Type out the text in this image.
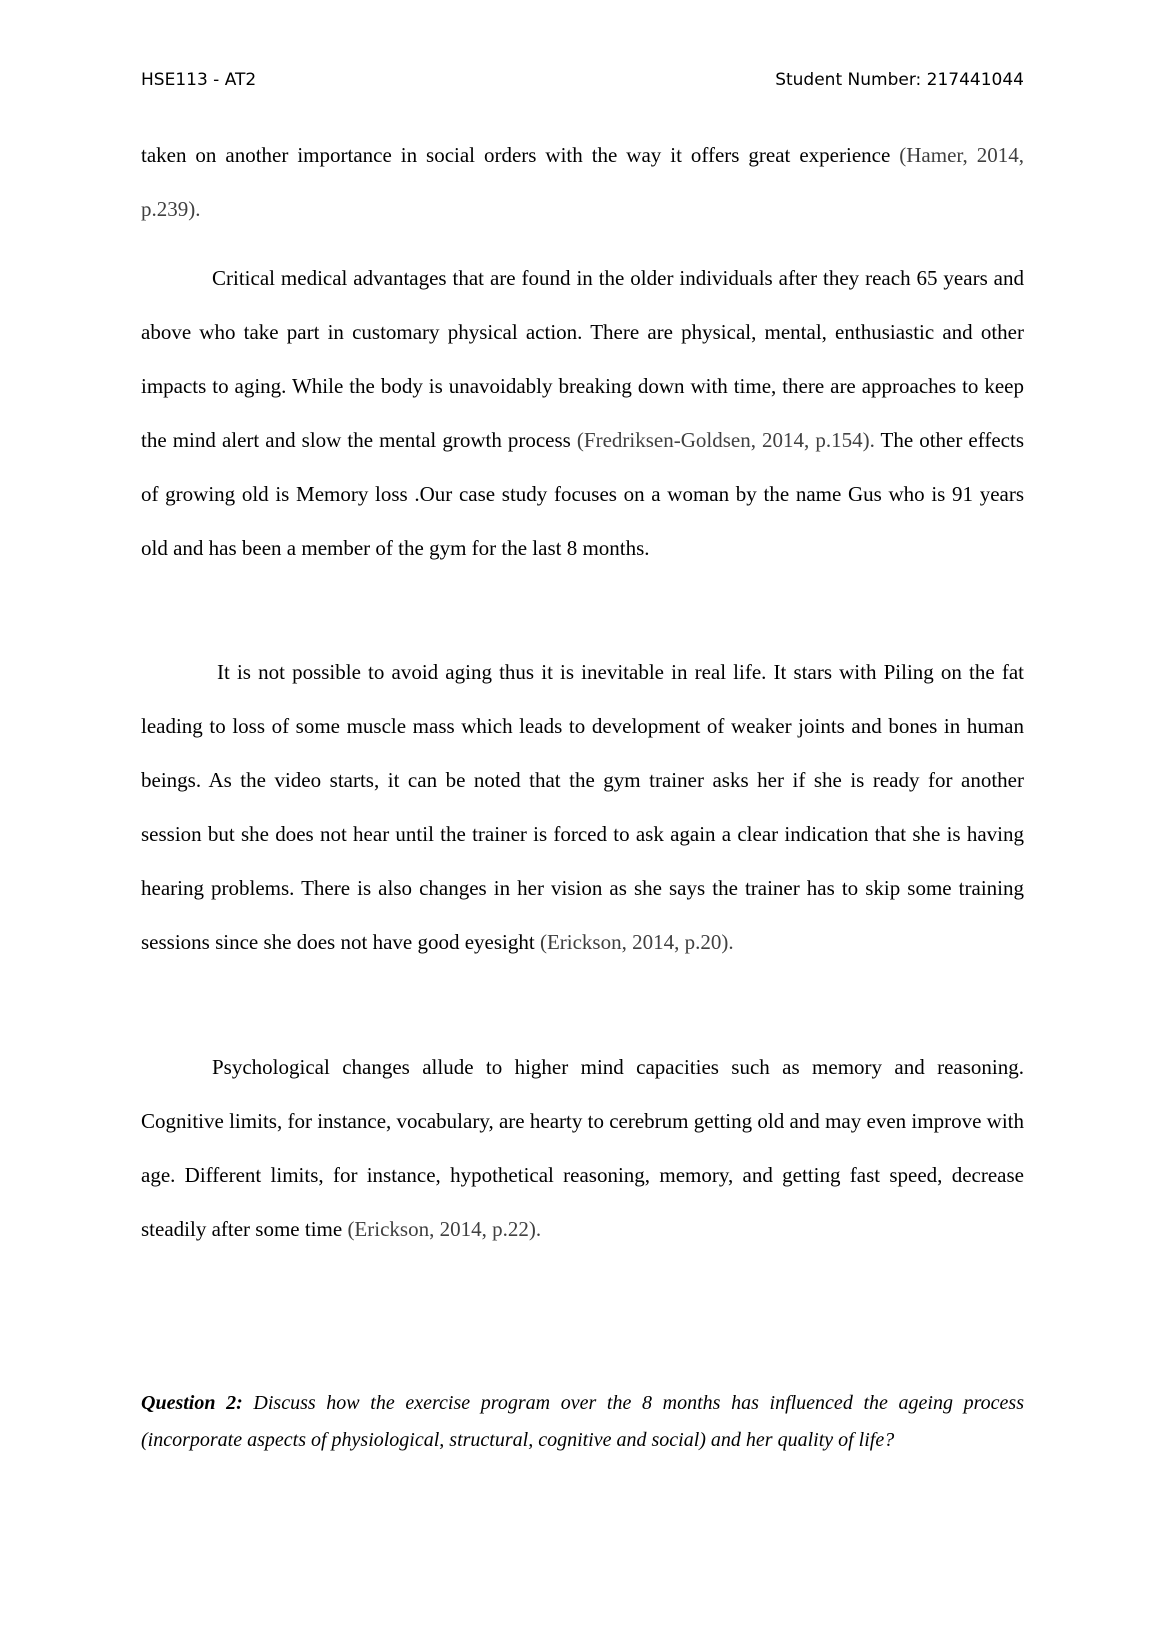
HSE113 - AT2	Student Number: 217441044

taken on another importance in social orders with the way it offers great experience (Hamer, 2014, p.239).

Critical medical advantages that are found in the older individuals after they reach 65 years and above who take part in customary physical action. There are physical, mental, enthusiastic and other impacts to aging. While the body is unavoidably breaking down with time, there are approaches to keep the mind alert and slow the mental growth process (Fredriksen-Goldsen, 2014, p.154). The other effects of growing old is Memory loss .Our case study focuses on a woman by the name Gus who is 91 years old and has been a member of the gym for the last 8 months.

It is not possible to avoid aging thus it is inevitable in real life. It stars with Piling on the fat leading to loss of some muscle mass which leads to development of weaker joints and bones in human beings. As the video starts, it can be noted that the gym trainer asks her if she is ready for another session but she does not hear until the trainer is forced to ask again a clear indication that she is having hearing problems. There is also changes in her vision as she says the trainer has to skip some training sessions since she does not have good eyesight (Erickson, 2014, p.20).

Psychological changes allude to higher mind capacities such as memory and reasoning. Cognitive limits, for instance, vocabulary, are hearty to cerebrum getting old and may even improve with age. Different limits, for instance, hypothetical reasoning, memory, and getting fast speed, decrease steadily after some time (Erickson, 2014, p.22).

Question 2: Discuss how the exercise program over the 8 months has influenced the ageing process (incorporate aspects of physiological, structural, cognitive and social) and her quality of life?
